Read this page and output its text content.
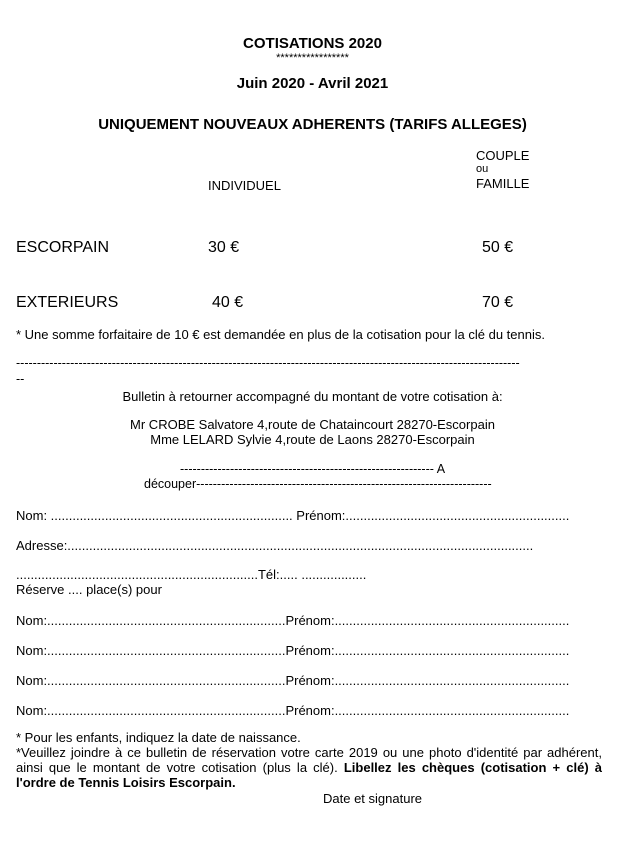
COTISATIONS 2020
*****************
Juin 2020 - Avril 2021
UNIQUEMENT NOUVEAUX ADHERENTS (TARIFS ALLEGES)
INDIVIDUEL
COUPLE
ou
FAMILLE
ESCORPAIN	30 €	50 €
EXTERIEURS	40 €	70 €
* Une somme forfaitaire de 10 € est demandée en plus de la cotisation pour la clé du tennis.
-------------------------------------------------------------------------------------------------------------------------
--
Bulletin à retourner accompagné du montant de votre cotisation à:
Mr CROBE Salvatore 4,route de Chataincourt 28270-Escorpain
Mme LELARD Sylvie 4,route de Laons 28270-Escorpain
------------------------------------------------------------- A
découper-----------------------------------------------------------------------
Nom: ................................................................... Prénom:..............................................................
Adresse:.................................................................................................................................
...................................................................Tél:..... ..................
Réserve .... place(s) pour
Nom:..................................................................Prénom:.................................................................
Nom:..................................................................Prénom:.................................................................
Nom:..................................................................Prénom:.................................................................
Nom:..................................................................Prénom:.................................................................
* Pour les enfants, indiquez la date de naissance.
*Veuillez joindre à ce bulletin de réservation votre carte 2019 ou une photo d'identité par adhérent, ainsi que le montant de votre cotisation (plus la clé). Libellez les chèques (cotisation + clé) à l'ordre de Tennis Loisirs Escorpain.
Date et signature
